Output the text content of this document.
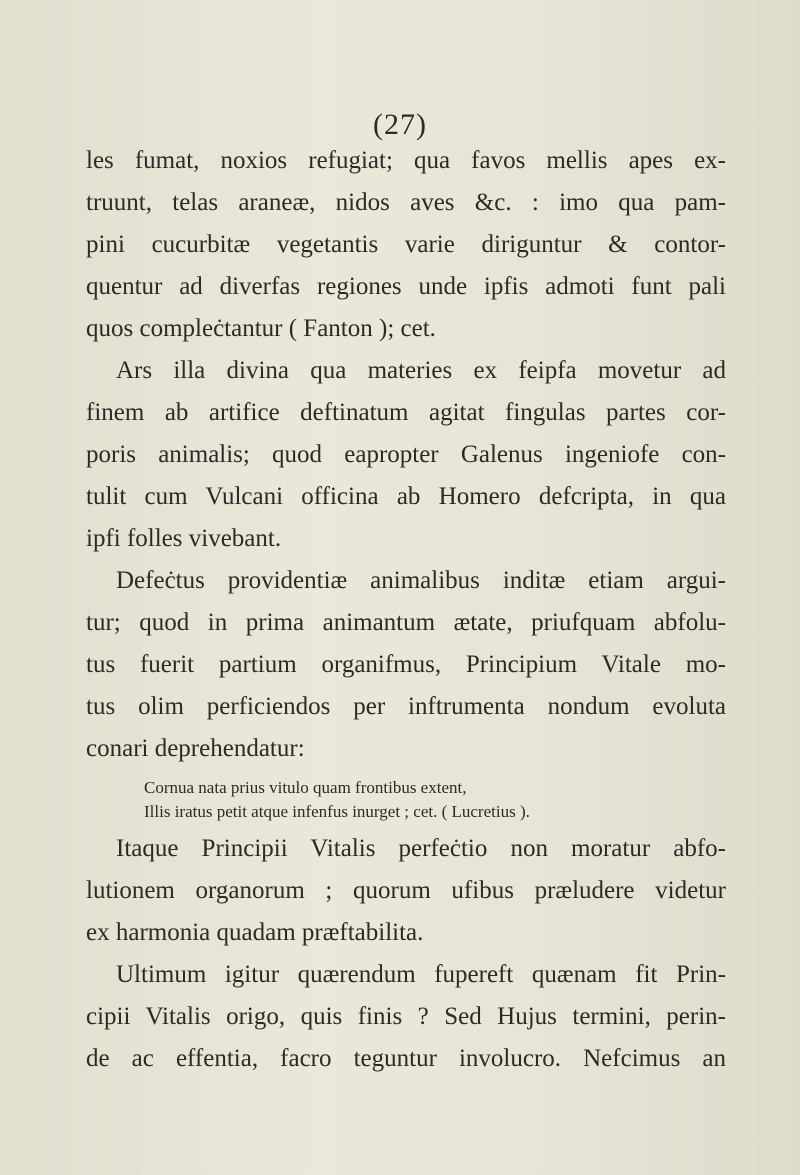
(27)
les fumat, noxios refugiat; qua favos mellis apes ex-
truunt, telas araneæ, nidos aves &c. : imo qua pam-
pini cucurbitæ vegetantis varie diriguntur & contor-
quentur ad diverfas regiones unde ipfis admoti funt pali
quos compleċtantur ( Fanton ); cet.
Ars illa divina qua materies ex feipfa movetur ad
finem ab artifice deftinatum agitat fingulas partes cor-
poris animalis; quod eapropter Galenus ingeniofe con-
tulit cum Vulcani officina ab Homero defcripta, in qua
ipfi folles vivebant.
Defeċtus providentiæ animalibus inditæ etiam argui-
tur; quod in prima animantum ætate, priufquam abfolu-
tus fuerit partium organifmus, Principium Vitale mo-
tus olim perficiendos per inftrumenta nondum evoluta
conari deprehendatur:
Cornua nata prius vitulo quam frontibus extent,
Illis iratus petit atque infenfus inurget ; cet. ( Lucretius ).
Itaque Principii Vitalis perfeċtio non moratur abfo-
lutionem organorum ; quorum ufibus præludere videtur
ex harmonia quadam præftabilita.
Ultimum igitur quærendum fupereft quænam fit Prin-
cipii Vitalis origo, quis finis ? Sed Hujus termini, perin-
de ac effentia, facro teguntur involucro. Nefcimus an
